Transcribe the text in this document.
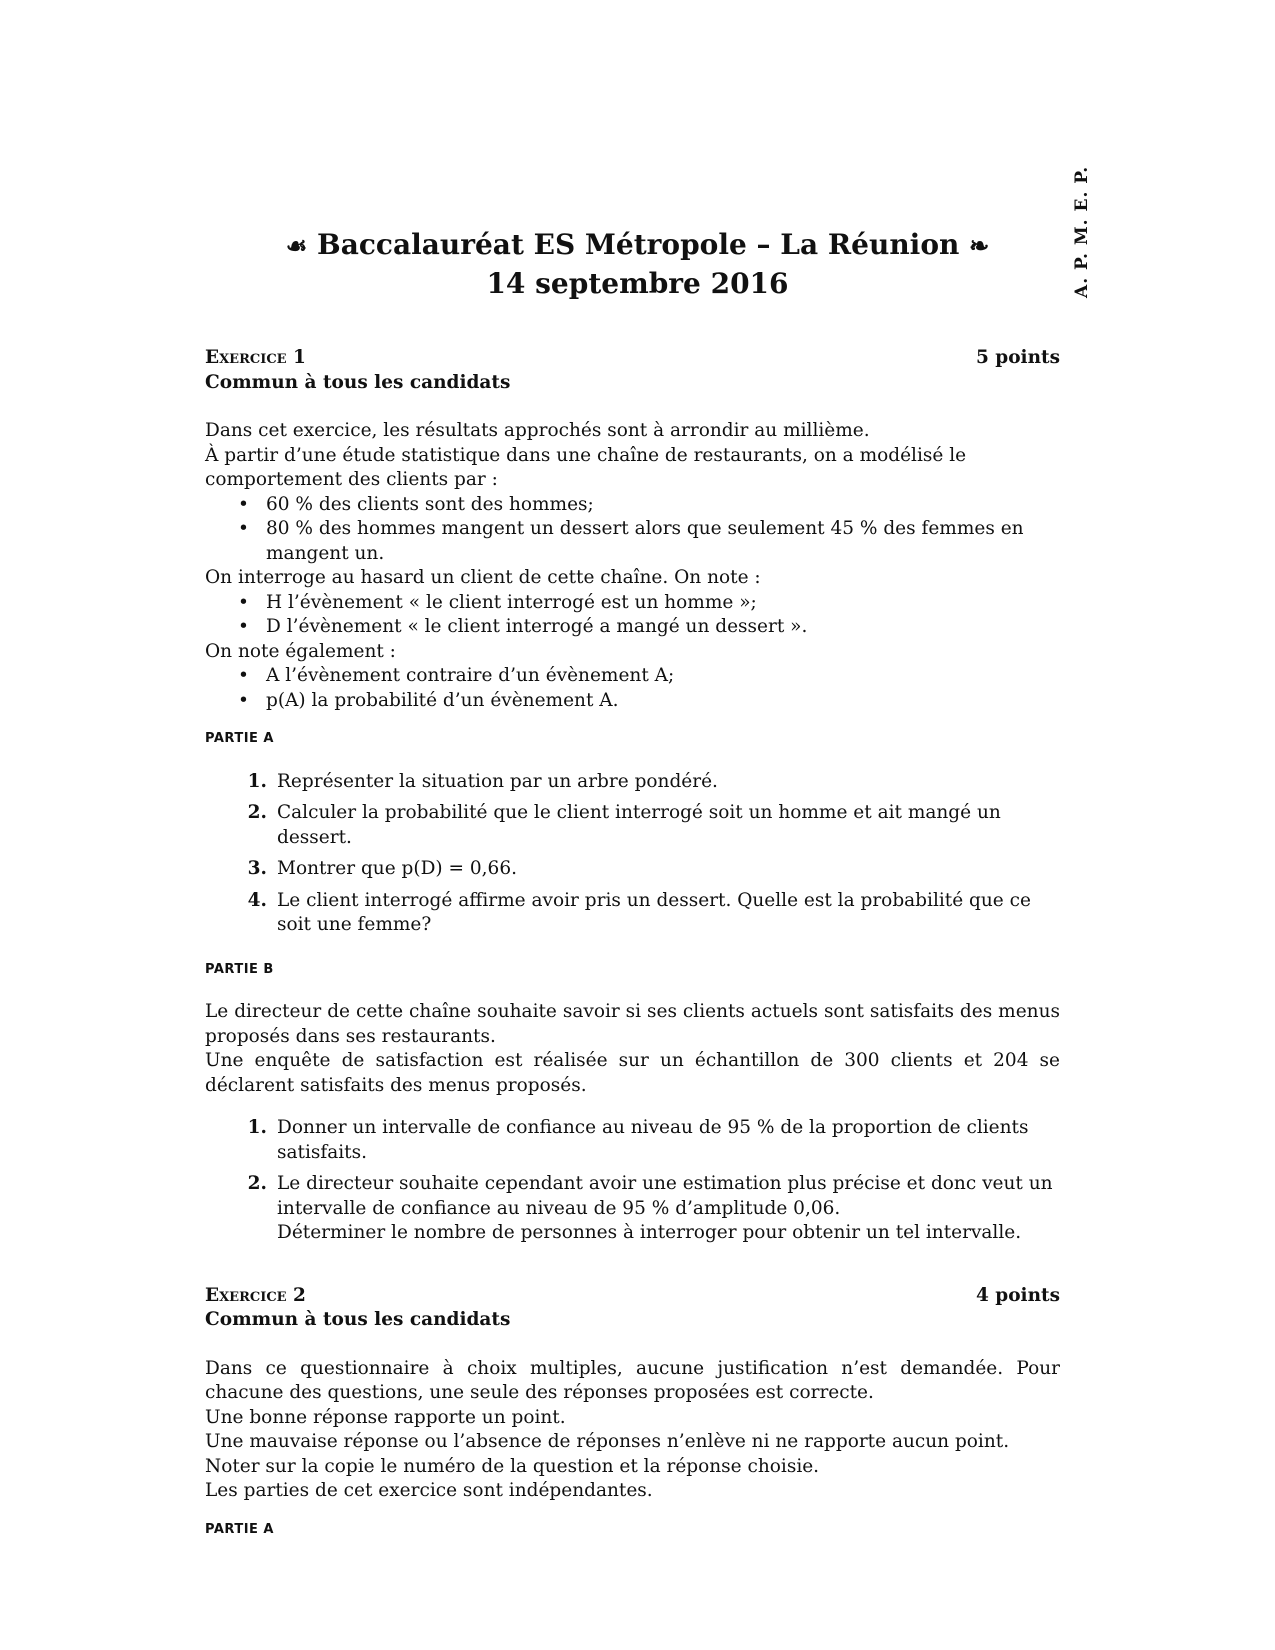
A. P. M. E. P.
☙ Baccalauréat ES Métropole – La Réunion ❧
14 septembre 2016
Exercice 1	5 points
Commun à tous les candidats

Dans cet exercice, les résultats approchés sont à arrondir au millième.

À partir d’une étude statistique dans une chaîne de restaurants, on a modélisé le comportement des clients par :

• 60 % des clients sont des hommes;
• 80 % des hommes mangent un dessert alors que seulement 45 % des femmes en mangent un.

On interroge au hasard un client de cette chaîne. On note :

• H l’évènement « le client interrogé est un homme »;
• D l’évènement « le client interrogé a mangé un dessert ».

On note également :

• A l’évènement contraire d’un évènement A;
• p(A) la probabilité d’un évènement A.
PARTIE A
1. Représenter la situation par un arbre pondéré.
2. Calculer la probabilité que le client interrogé soit un homme et ait mangé un dessert.
3. Montrer que p(D) = 0,66.
4. Le client interrogé affirme avoir pris un dessert. Quelle est la probabilité que ce soit une femme?
PARTIE B

Le directeur de cette chaîne souhaite savoir si ses clients actuels sont satisfaits des menus proposés dans ses restaurants.

Une enquête de satisfaction est réalisée sur un échantillon de 300 clients et 204 se déclarent satisfaits des menus proposés.

1. Donner un intervalle de confiance au niveau de 95 % de la proportion de clients satisfaits.
2. Le directeur souhaite cependant avoir une estimation plus précise et donc veut un intervalle de confiance au niveau de 95 % d’amplitude 0,06.
Déterminer le nombre de personnes à interroger pour obtenir un tel intervalle.
Exercice 2	4 points
Commun à tous les candidats

Dans ce questionnaire à choix multiples, aucune justification n’est demandée. Pour chacune des questions, une seule des réponses proposées est correcte.

Une bonne réponse rapporte un point.

Une mauvaise réponse ou l’absence de réponses n’enlève ni ne rapporte aucun point.

Noter sur la copie le numéro de la question et la réponse choisie.

Les parties de cet exercice sont indépendantes.

PARTIE A
